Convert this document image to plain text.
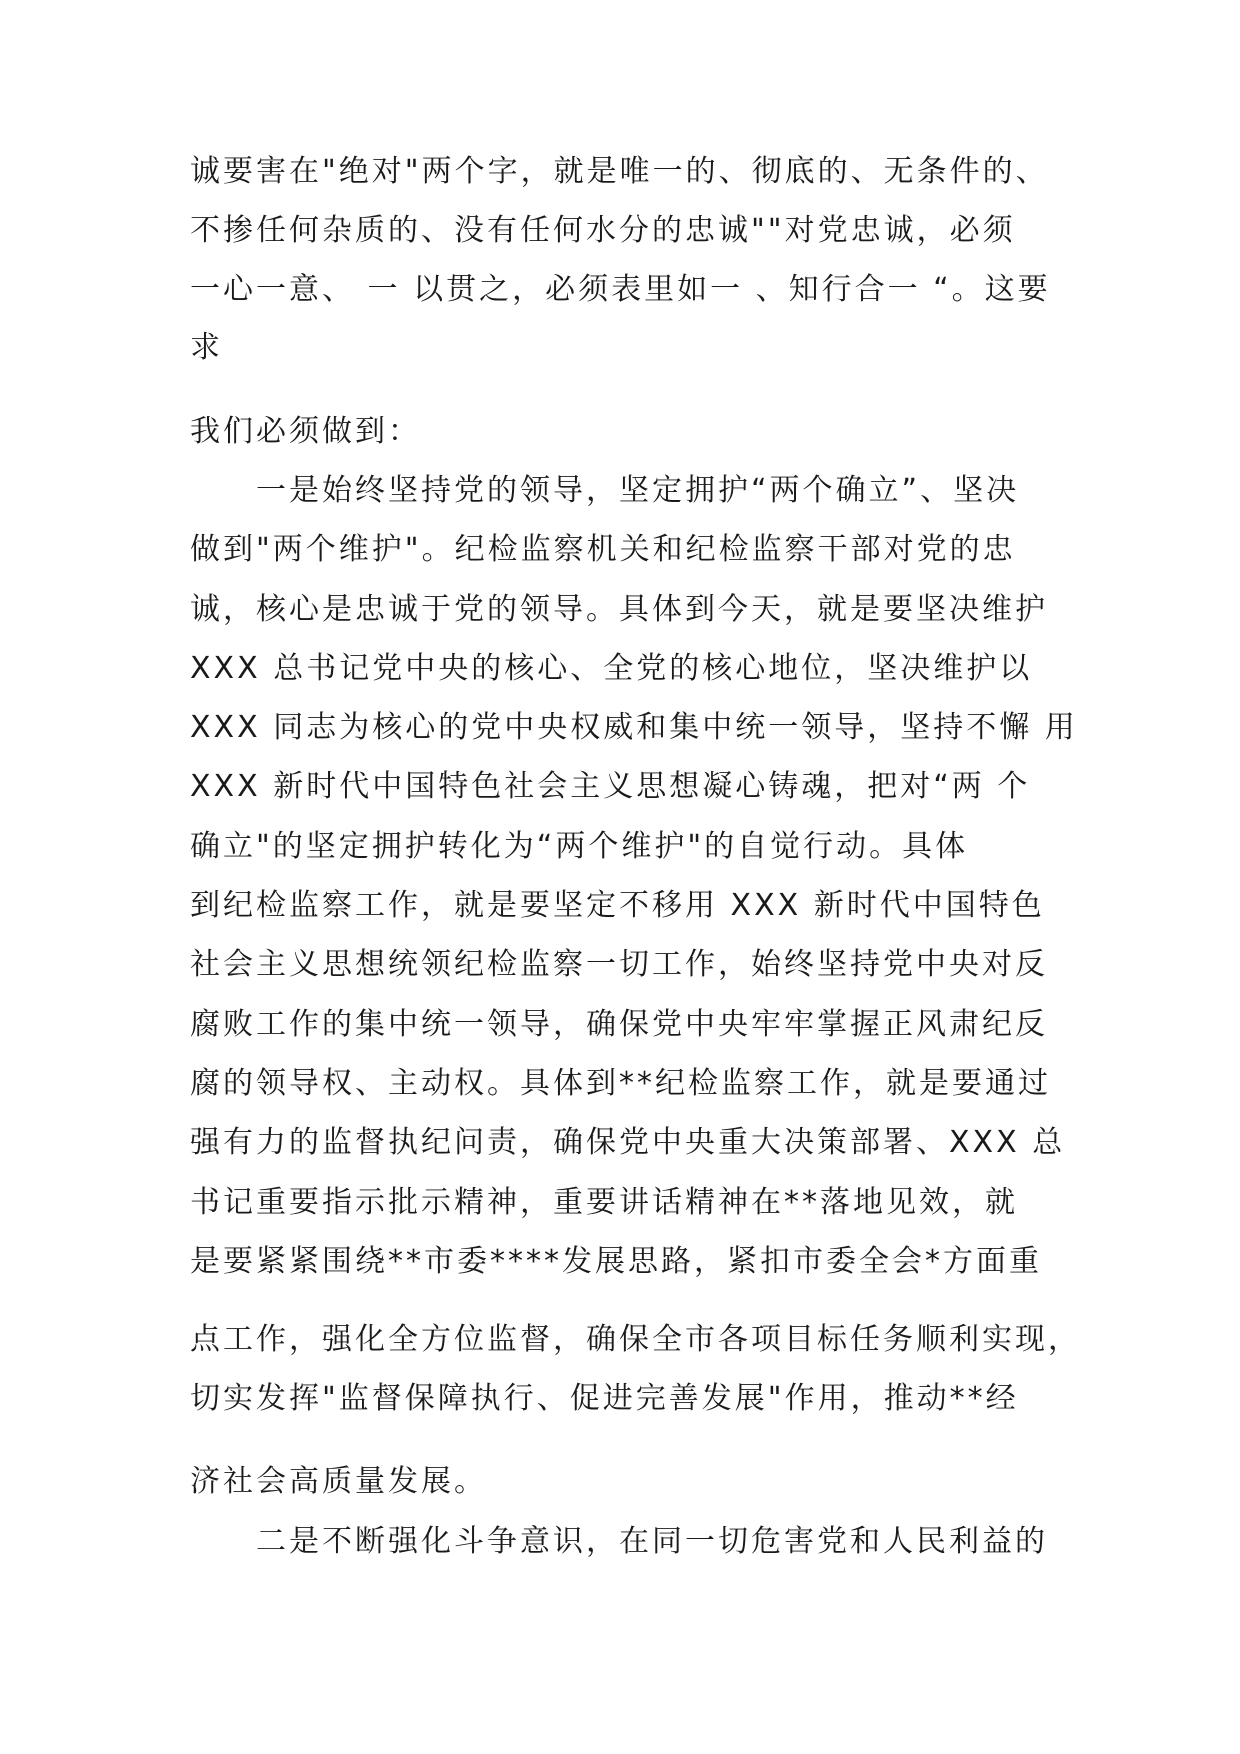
诚要害在"绝对"两个字，就是唯一的、彻底的、无条件的、
不掺任何杂质的、没有任何水分的忠诚""对党忠诚，必须
一心一意、 一 以贯之，必须表里如一 、知行合一 “。这要
求
我们必须做到：
　　一是始终坚持党的领导，坚定拥护“两个确立”、坚决
做到"两个维护"。纪检监察机关和纪检监察干部对党的忠
诚，核心是忠诚于党的领导。具体到今天，就是要坚决维护
XXX 总书记党中央的核心、全党的核心地位，坚决维护以
XXX 同志为核心的党中央权威和集中统一领导，坚持不懈 用
XXX 新时代中国特色社会主义思想凝心铸魂，把对“两 个
确立"的坚定拥护转化为“两个维护"的自觉行动。具体
到纪检监察工作，就是要坚定不移用 XXX 新时代中国特色
社会主义思想统领纪检监察一切工作，始终坚持党中央对反
腐败工作的集中统一领导，确保党中央牢牢掌握正风肃纪反
腐的领导权、主动权。具体到**纪检监察工作，就是要通过
强有力的监督执纪问责，确保党中央重大决策部署、XXX 总
书记重要指示批示精神，重要讲话精神在**落地见效，就
是要紧紧围绕**市委****发展思路，紧扣市委全会*方面重
点工作，强化全方位监督，确保全市各项目标任务顺利实现，
切实发挥"监督保障执行、促进完善发展"作用，推动**经
济社会高质量发展。
　　二是不断强化斗争意识，在同一切危害党和人民利益的
